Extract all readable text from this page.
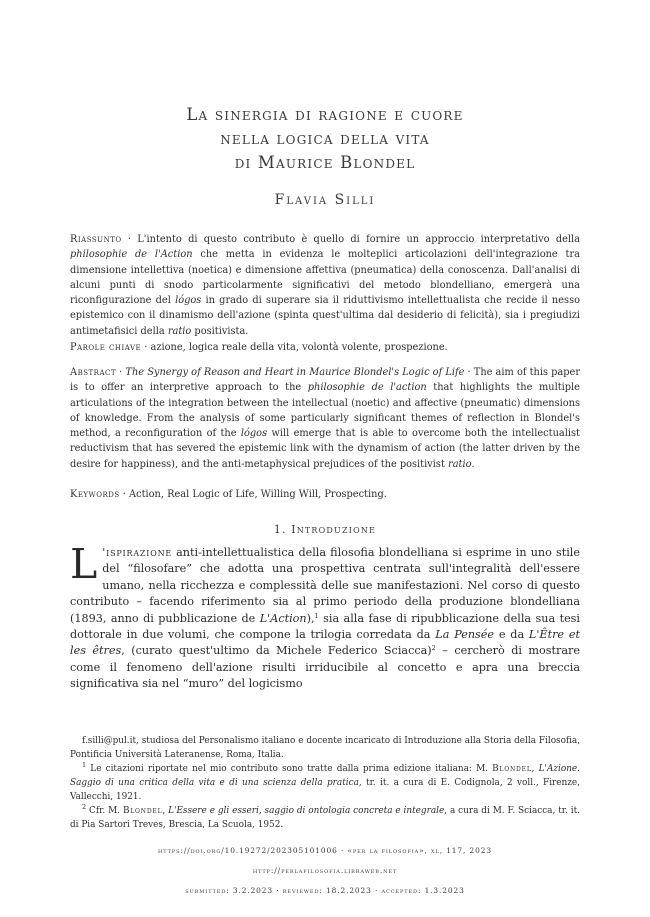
La sinergia di ragione e cuore
nella logica della vita
di Maurice Blondel
Flavia Silli
Riassunto · L'intento di questo contributo è quello di fornire un approccio interpretativo della philosophie de l'Action che metta in evidenza le molteplici articolazioni dell'integrazione tra dimensione intellettiva (noetica) e dimensione affettiva (pneumatica) della conoscenza. Dall'analisi di alcuni punti di snodo particolarmente significativi del metodo blondelliano, emergerà una riconfigurazione del lógos in grado di superare sia il riduttivismo intellettualista che recide il nesso epistemico con il dinamismo dell'azione (spinta quest'ultima dal desiderio di felicità), sia i pregiudizi antimetafisici della ratio positivista.
Parole chiave · azione, logica reale della vita, volontà volente, prospezione.
Abstract · The Synergy of Reason and Heart in Maurice Blondel's Logic of Life · The aim of this paper is to offer an interpretive approach to the philosophie de l'action that highlights the multiple articulations of the integration between the intellectual (noetic) and affective (pneumatic) dimensions of knowledge. From the analysis of some particularly significant themes of reflection in Blondel's method, a reconfiguration of the lógos will emerge that is able to overcome both the intellectualist reductivism that has severed the epistemic link with the dynamism of action (the latter driven by the desire for happiness), and the anti-metaphysical prejudices of the positivist ratio.
Keywords · Action, Real Logic of Life, Willing Will, Prospecting.
1. Introduzione
L 'ispirazione anti-intellettualistica della filosofia blondelliana si esprime in uno stile del “filosofare” che adotta una prospettiva centrata sull'integralità dell'essere umano, nella ricchezza e complessità delle sue manifestazioni. Nel corso di questo contributo – facendo riferimento sia al primo periodo della produzione blondelliana (1893, anno di pubblicazione de L'Action),$^1$ sia alla fase di ripubblicazione della sua tesi dottorale in due volumi, che compone la trilogia corredata da La Pensée e da L'Être et les êtres, (curato quest'ultimo da Michele Federico Sciacca)$^2$ – cercherò di mostrare come il fenomeno dell'azione risulti irriducibile al concetto e apra una breccia significativa sia nel “muro” del logicismo
f.silli@pul.it, studiosa del Personalismo italiano e docente incaricato di Introduzione alla Storia della Filosofia, Pontificia Università Lateranense, Roma, Italia.
$^1$ Le citazioni riportate nel mio contributo sono tratte dalla prima edizione italiana: M. Blondel, L'Azione. Saggio di una critica della vita e di una scienza della pratica, tr. it. a cura di E. Codignola, 2 voll., Firenze, Vallecchi, 1921.
$^2$ Cfr. M. Blondel, L'Essere e gli esseri, saggio di ontologia concreta e integrale, a cura di M. F. Sciacca, tr. it. di Pia Sartori Treves, Brescia, La Scuola, 1952.
https://doi.org/10.19272/202305101006 · «per la filosofia», xl, 117, 2023
http://perlafilosofia.libraweb.net
submitted: 3.2.2023 · reviewed: 18.2.2023 · accepted: 1.3.2023
